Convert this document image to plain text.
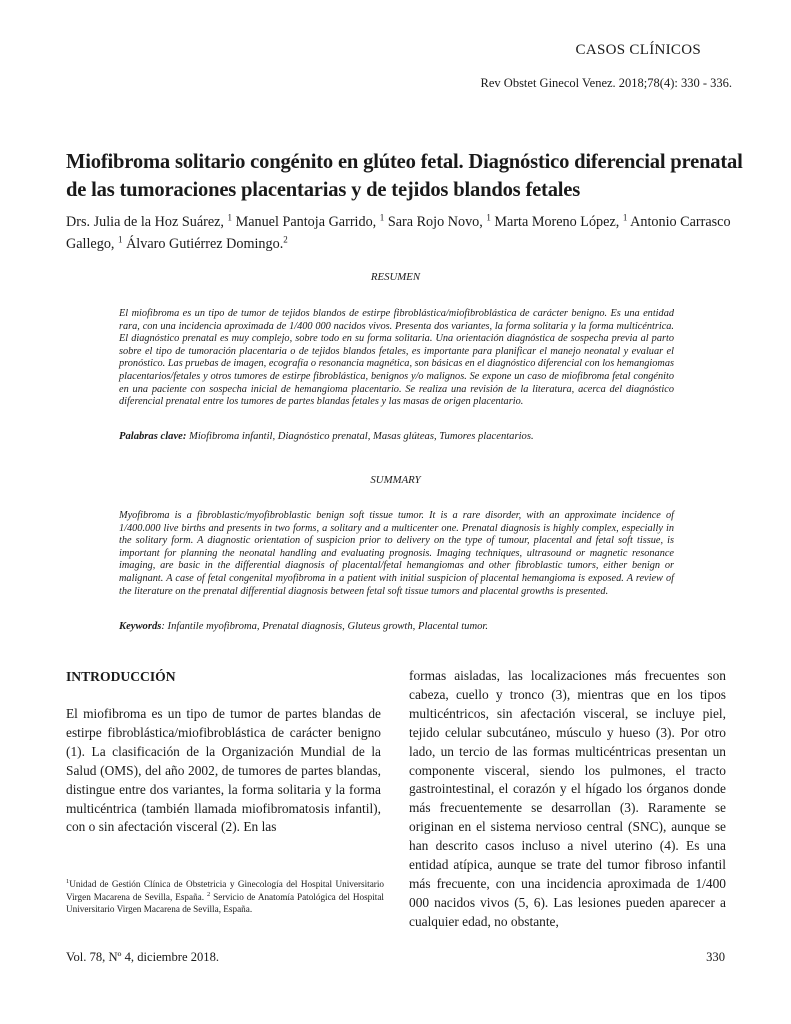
CASOS CLÍNICOS
Rev Obstet Ginecol Venez. 2018;78(4): 330 - 336.
Miofibroma solitario congénito en glúteo fetal. Diagnóstico diferencial prenatal de las tumoraciones placentarias y de tejidos blandos fetales

Drs. Julia de la Hoz Suárez, $^1$ Manuel Pantoja Garrido, $^1$ Sara Rojo Novo, $^1$ Marta Moreno López, $^1$ Antonio Carrasco Gallego, $^1$ Álvaro Gutiérrez Domingo.$^2$

RESUMEN

El miofibroma es un tipo de tumor de tejidos blandos de estirpe fibroblástica/miofibroblástica de carácter benigno. Es una entidad rara, con una incidencia aproximada de 1/400 000 nacidos vivos. Presenta dos variantes, la forma solitaria y la forma multicéntrica. El diagnóstico prenatal es muy complejo, sobre todo en su forma solitaria. Una orientación diagnóstica de sospecha previa al parto sobre el tipo de tumoración placentaria o de tejidos blandos fetales, es importante para planificar el manejo neonatal y evaluar el pronóstico. Las pruebas de imagen, ecografía o resonancia magnética, son básicas en el diagnóstico diferencial con los hemangiomas placentarios/fetales y otros tumores de estirpe fibroblástica, benignos y/o malignos. Se expone un caso de miofibroma fetal congénito en una paciente con sospecha inicial de hemangioma placentario. Se realiza una revisión de la literatura, acerca del diagnóstico diferencial prenatal entre los tumores de partes blandas fetales y las masas de origen placentario.

Palabras clave: Miofibroma infantil, Diagnóstico prenatal, Masas glúteas, Tumores placentarios.

SUMMARY

Myofibroma is a fibroblastic/myofibroblastic benign soft tissue tumor. It is a rare disorder, with an approximate incidence of 1/400.000 live births and presents in two forms, a solitary and a multicenter one. Prenatal diagnosis is highly complex, especially in the solitary form. A diagnostic orientation of suspicion prior to delivery on the type of tumour, placental and fetal soft tissue, is important for planning the neonatal handling and evaluating prognosis. Imaging techniques, ultrasound or magnetic resonance imaging, are basic in the differential diagnosis of placental/fetal hemangiomas and other fibroblastic tumors, either benign or malignant. A case of fetal congenital myofibroma in a patient with initial suspicion of placental hemangioma is exposed. A review of the literature on the prenatal differential diagnosis between fetal soft tissue tumors and placental growths is presented.

Keywords: Infantile myofibroma, Prenatal diagnosis, Gluteus growth, Placental tumor.

INTRODUCCIÓN

El miofibroma es un tipo de tumor de partes blandas de estirpe fibroblástica/miofibroblástica de carácter benigno (1). La clasificación de la Organización Mundial de la Salud (OMS), del año 2002, de tumores de partes blandas, distingue entre dos variantes, la forma solitaria y la forma multicéntrica (también llamada miofibromatosis infantil), con o sin afectación visceral (2). En las

formas aisladas, las localizaciones más frecuentes son cabeza, cuello y tronco (3), mientras que en los tipos multicéntricos, sin afectación visceral, se incluye piel, tejido celular subcutáneo, músculo y hueso (3). Por otro lado, un tercio de las formas multicéntricas presentan un componente visceral, siendo los pulmones, el tracto gastrointestinal, el corazón y el hígado los órganos donde más frecuentemente se desarrollan (3). Raramente se originan en el sistema nervioso central (SNC), aunque se han descrito casos incluso a nivel uterino (4). Es una entidad atípica, aunque se trate del tumor fibroso infantil más frecuente, con una incidencia aproximada de 1/400 000 nacidos vivos (5, 6). Las lesiones pueden aparecer a cualquier edad, no obstante,

$^1$Unidad de Gestión Clínica de Obstetricia y Ginecología del Hospital Universitario Virgen Macarena de Sevilla, España. $^2$ Servicio de Anatomía Patológica del Hospital Universitario Virgen Macarena de Sevilla, España.

Vol. 78, Nº 4, diciembre 2018.	330
